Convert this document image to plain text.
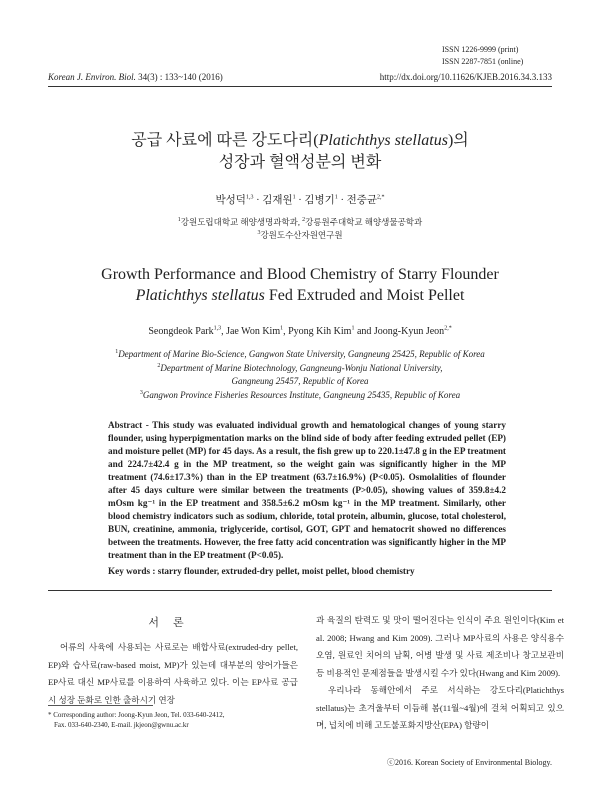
ISSN 1226-9999 (print)
ISSN 2287-7851 (online)
Korean J. Environ. Biol. 34(3) : 133~140 (2016)	http://dx.doi.org/10.11626/KJEB.2016.34.3.133
공급 사료에 따른 강도다리(Platichthys stellatus)의
성장과 혈액성분의 변화
박성덕$^{1,3}$ · 김재원$^1$ · 김병기$^1$ · 전중균$^{2,*}$
$^1$강원도립대학교 해양생명과학과, $^2$강릉원주대학교 해양생물공학과
$^3$강원도수산자원연구원
Growth Performance and Blood Chemistry of Starry Flounder
Platichthys stellatus Fed Extruded and Moist Pellet
Seongdeok Park$^{1,3}$, Jae Won Kim$^1$, Pyong Kih Kim$^1$ and Joong-Kyun Jeon$^{2,*}$
$^1$Department of Marine Bio-Science, Gangwon State University, Gangneung 25425, Republic of Korea
$^2$Department of Marine Biotechnology, Gangneung-Wonju National University,
Gangneung 25457, Republic of Korea
$^3$Gangwon Province Fisheries Resources Institute, Gangneung 25435, Republic of Korea
Abstract - This study was evaluated individual growth and hematological changes of young starry flounder, using hyperpigmentation marks on the blind side of body after feeding extruded pellet (EP) and moisture pellet (MP) for 45 days. As a result, the fish grew up to 220.1±47.8 g in the EP treatment and 224.7±42.4 g in the MP treatment, so the weight gain was significantly higher in the MP treatment (74.6±17.3%) than in the EP treatment (63.7±16.9%) (P<0.05). Osmolalities of flounder after 45 days culture were similar between the treatments (P>0.05), showing values of 359.8±4.2 mOsm kg⁻¹ in the EP treatment and 358.5±6.2 mOsm kg⁻¹ in the MP treatment. Similarly, other blood chemistry indicators such as sodium, chloride, total protein, albumin, glucose, total cholesterol, BUN, creatinine, ammonia, triglyceride, cortisol, GOT, GPT and hematocrit showed no differences between the treatments. However, the free fatty acid concentration was significantly higher in the MP treatment than in the EP treatment (P<0.05).
Key words : starry flounder, extruded-dry pellet, moist pellet, blood chemistry
서론
어류의 사육에 사용되는 사료로는 배합사료(extruded-dry pellet, EP)와 습사료(raw-based moist, MP)가 있는데 대부분의 양어가들은 EP사료 대신 MP사료를 이용하여 사육하고 있다. 이는 EP사료 공급 시 성장 둔화로 인한 출하시기 연장
과 육질의 탄력도 및 맛이 떨어진다는 인식이 주요 원인이다(Kim et al. 2008; Hwang and Kim 2009). 그러나 MP사료의 사용은 양식용수 오염, 원료인 치어의 남획, 어병 발생 및 사료 제조비나 창고보관비 등 비용적인 문제점들을 발생시킬 수가 있다(Hwang and Kim 2009).
우리나라 동해안에서 주로 서식하는 강도다리(Platichthys stellatus)는 초겨울부터 이듬해 봄(11월~4월)에 걸쳐 어획되고 있으며, 넙치에 비해 고도불포화지방산(EPA) 함량이
* Corresponding author: Joong-Kyun Jeon, Tel. 033-640-2412,
Fax. 033-640-2340, E-mail. jkjeon@gwnu.ac.kr
ⓒ2016. Korean Society of Environmental Biology.
